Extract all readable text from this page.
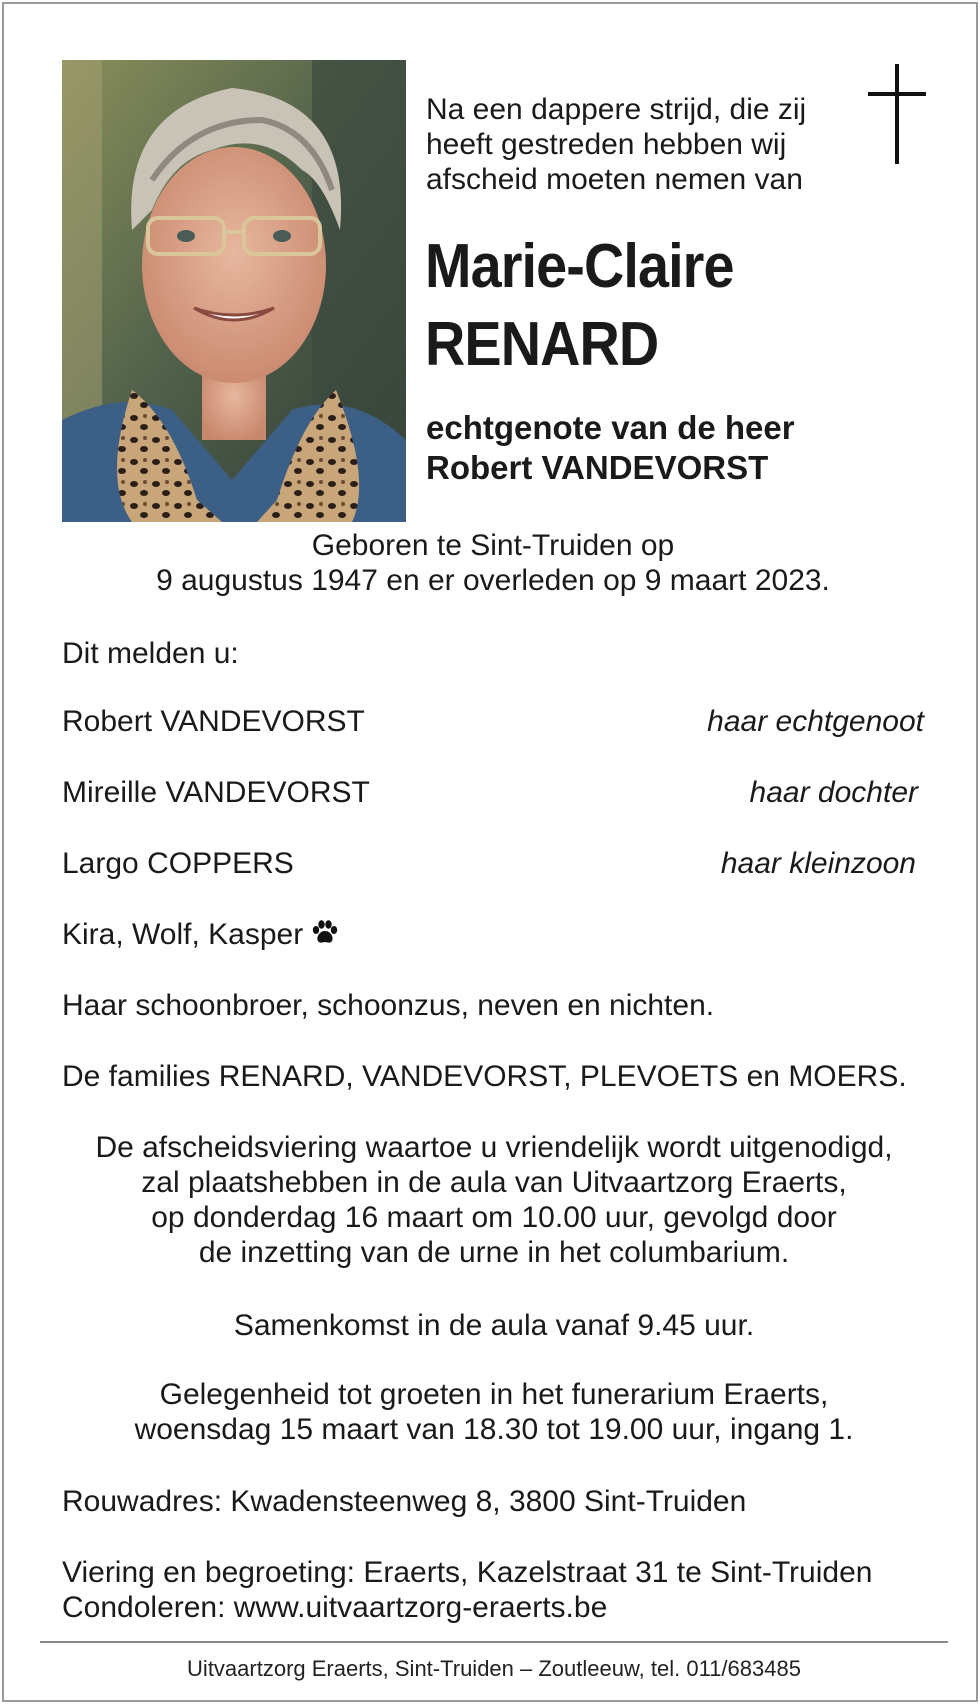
Na een dappere strijd, die zij
heeft gestreden hebben wij
afscheid moeten nemen van
Marie-Claire
RENARD
echtgenote van de heer
Robert VANDEVORST
Geboren te Sint-Truiden op
9 augustus 1947 en er overleden op 9 maart 2023.
Dit melden u:
Robert VANDEVORST	haar echtgenoot
Mireille VANDEVORST	haar dochter
Largo COPPERS	haar kleinzoon
Kira, Wolf, Kasper
Haar schoonbroer, schoonzus, neven en nichten.
De families RENARD, VANDEVORST, PLEVOETS en MOERS.
De afscheidsviering waartoe u vriendelijk wordt uitgenodigd,
zal plaatshebben in de aula van Uitvaartzorg Eraerts,
op donderdag 16 maart om 10.00 uur, gevolgd door
de inzetting van de urne in het columbarium.
Samenkomst in de aula vanaf 9.45 uur.
Gelegenheid tot groeten in het funerarium Eraerts,
woensdag 15 maart van 18.30 tot 19.00 uur, ingang 1.
Rouwadres: Kwadensteenweg 8, 3800 Sint-Truiden
Viering en begroeting: Eraerts, Kazelstraat 31 te Sint-Truiden
Condoleren: www.uitvaartzorg-eraerts.be
Uitvaartzorg Eraerts, Sint-Truiden – Zoutleeuw, tel. 011/683485
